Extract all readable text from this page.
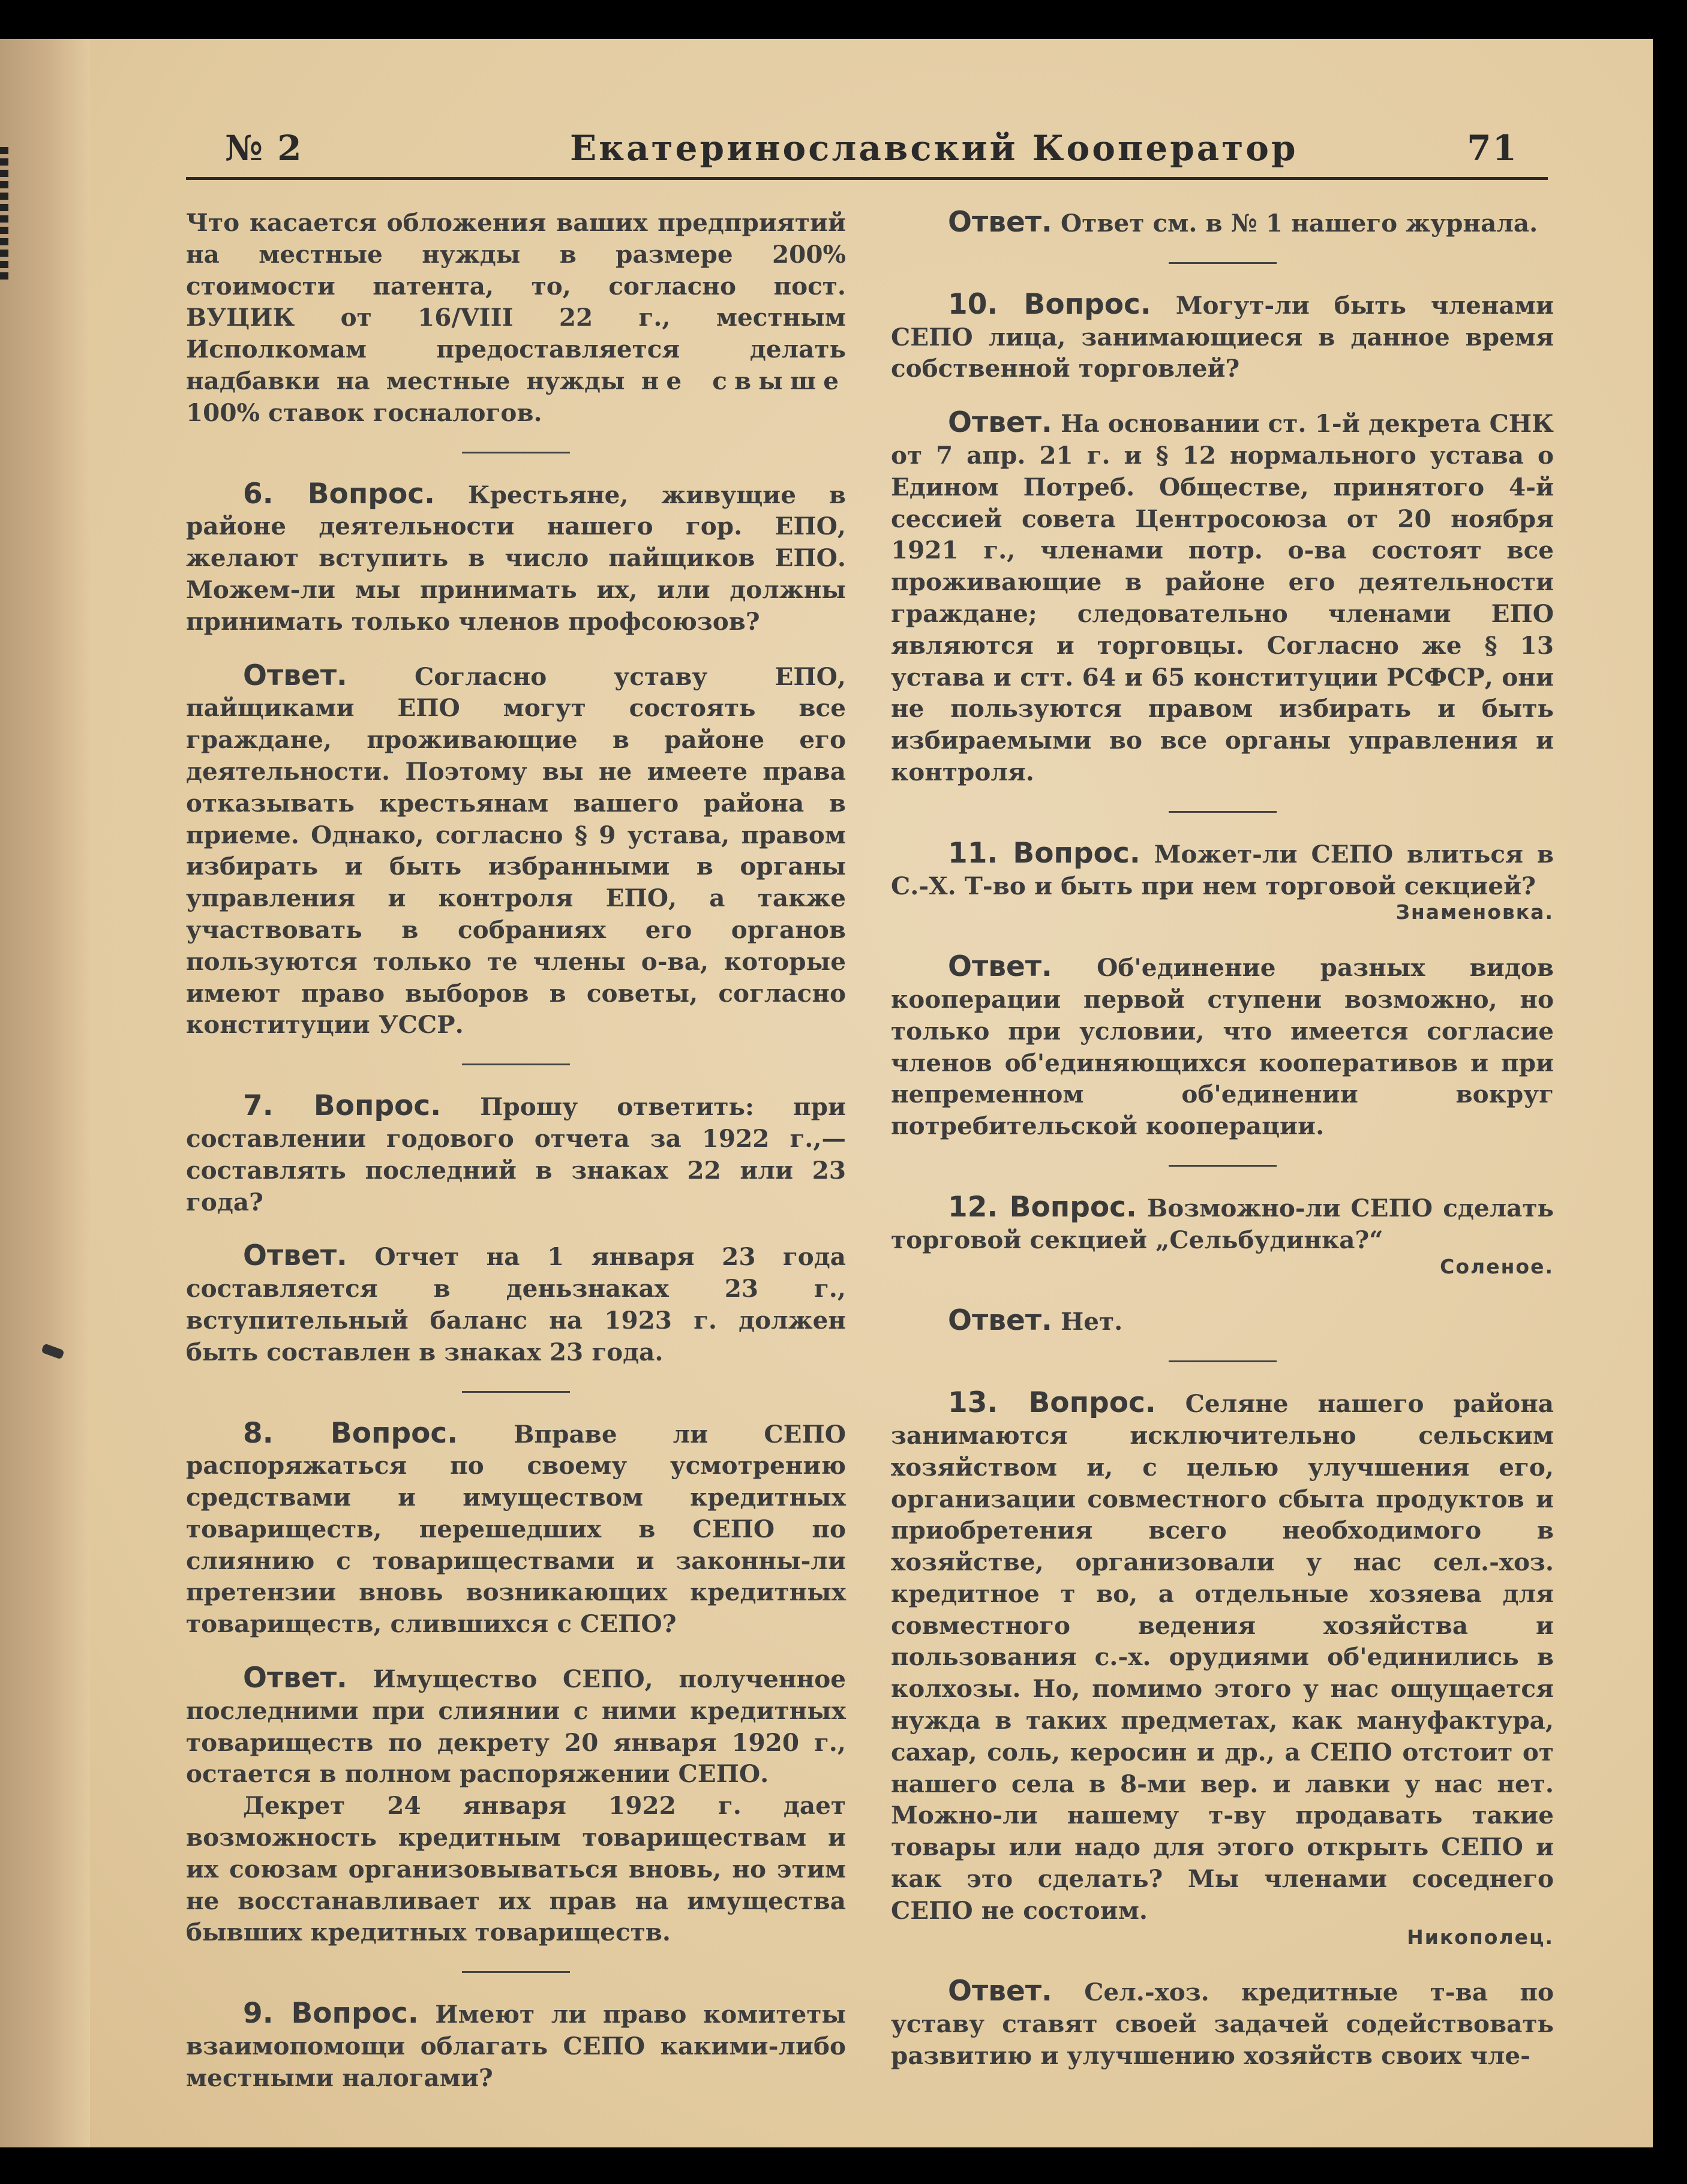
№ 2	Екатеринославский Кооператор	71

Что касается обложения ваших предприятий на местные нужды в размере 200% стоимости патента, то, согласно пост. ВУЦИК от 16/VIII 22 г., местным Исполкомам предоставляется делать надбавки на местные нужды не свыше 100% ставок госналогов.

6. Вопрос. Крестьяне, живущие в районе деятельности нашего гор. ЕПО, желают вступить в число пайщиков ЕПО. Можем-ли мы принимать их, или должны принимать только членов профсоюзов?

Ответ. Согласно уставу ЕПО, пайщиками ЕПО могут состоять все граждане, проживающие в районе его деятельности. Поэтому вы не имеете права отказывать крестьянам вашего района в приеме. Однако, согласно § 9 устава, правом избирать и быть избранными в органы управления и контроля ЕПО, а также участвовать в собраниях его органов пользуются только те члены о-ва, которые имеют право выборов в советы, согласно конституции УССР.

7. Вопрос. Прошу ответить: при составлении годового отчета за 1922 г.,— составлять последний в знаках 22 или 23 года?

Ответ. Отчет на 1 января 23 года составляется в деньзнаках 23 г., вступительный баланс на 1923 г. должен быть составлен в знаках 23 года.

8. Вопрос. Вправе ли СЕПО распоряжаться по своему усмотрению средствами и имуществом кредитных товариществ, перешедших в СЕПО по слиянию с товариществами и законны-ли претензии вновь возникающих кредитных товариществ, слившихся с СЕПО?

Ответ. Имущество СЕПО, полученное последними при слиянии с ними кредитных товариществ по декрету 20 января 1920 г., остается в полном распоряжении СЕПО.

Декрет 24 января 1922 г. дает возможность кредитным товариществам и их союзам организовываться вновь, но этим не восстанавливает их прав на имущества бывших кредитных товариществ.

9. Вопрос. Имеют ли право комитеты взаимопомощи облагать СЕПО какими-либо местными налогами?

Ответ. Ответ см. в № 1 нашего журнала.

10. Вопрос. Могут-ли быть членами СЕПО лица, занимающиеся в данное время собственной торговлей?

Ответ. На основании ст. 1-й декрета СНК от 7 апр. 21 г. и § 12 нормального устава о Едином Потреб. Обществе, принятого 4-й сессией совета Центросоюза от 20 ноября 1921 г., членами потр. о-ва состоят все проживающие в районе его деятельности граждане; следовательно членами ЕПО являются и торговцы. Согласно же § 13 устава и стт. 64 и 65 конституции РСФСР, они не пользуются правом избирать и быть избираемыми во все органы управления и контроля.

11. Вопрос. Может-ли СЕПО влиться в С.-Х. Т-во и быть при нем торговой секцией?

Знаменовка.

Ответ. Об'единение разных видов кооперации первой ступени возможно, но только при условии, что имеется согласие членов об'единяющихся кооперативов и при непременном об'единении вокруг потребительской кооперации.

12. Вопрос. Возможно-ли СЕПО сделать торговой секцией „Сельбудинка?“

Соленое.

Ответ. Нет.

13. Вопрос. Селяне нашего района занимаются исключительно сельским хозяйством и, с целью улучшения его, организации совместного сбыта продуктов и приобретения всего необходимого в хозяйстве, организовали у нас сел.-хоз. кредитное т во, а отдельные хозяева для совместного ведения хозяйства и пользования с.-х. орудиями об'единились в колхозы. Но, помимо этого у нас ощущается нужда в таких предметах, как мануфактура, сахар, соль, керосин и др., а СЕПО отстоит от нашего села в 8-ми вер. и лавки у нас нет. Можно-ли нашему т-ву продавать такие товары или надо для этого открыть СЕПО и как это сделать? Мы членами соседнего СЕПО не состоим.

Никополец.

Ответ. Сел.-хоз. кредитные т-ва по уставу ставят своей задачей содействовать развитию и улучшению хозяйств своих чле-
